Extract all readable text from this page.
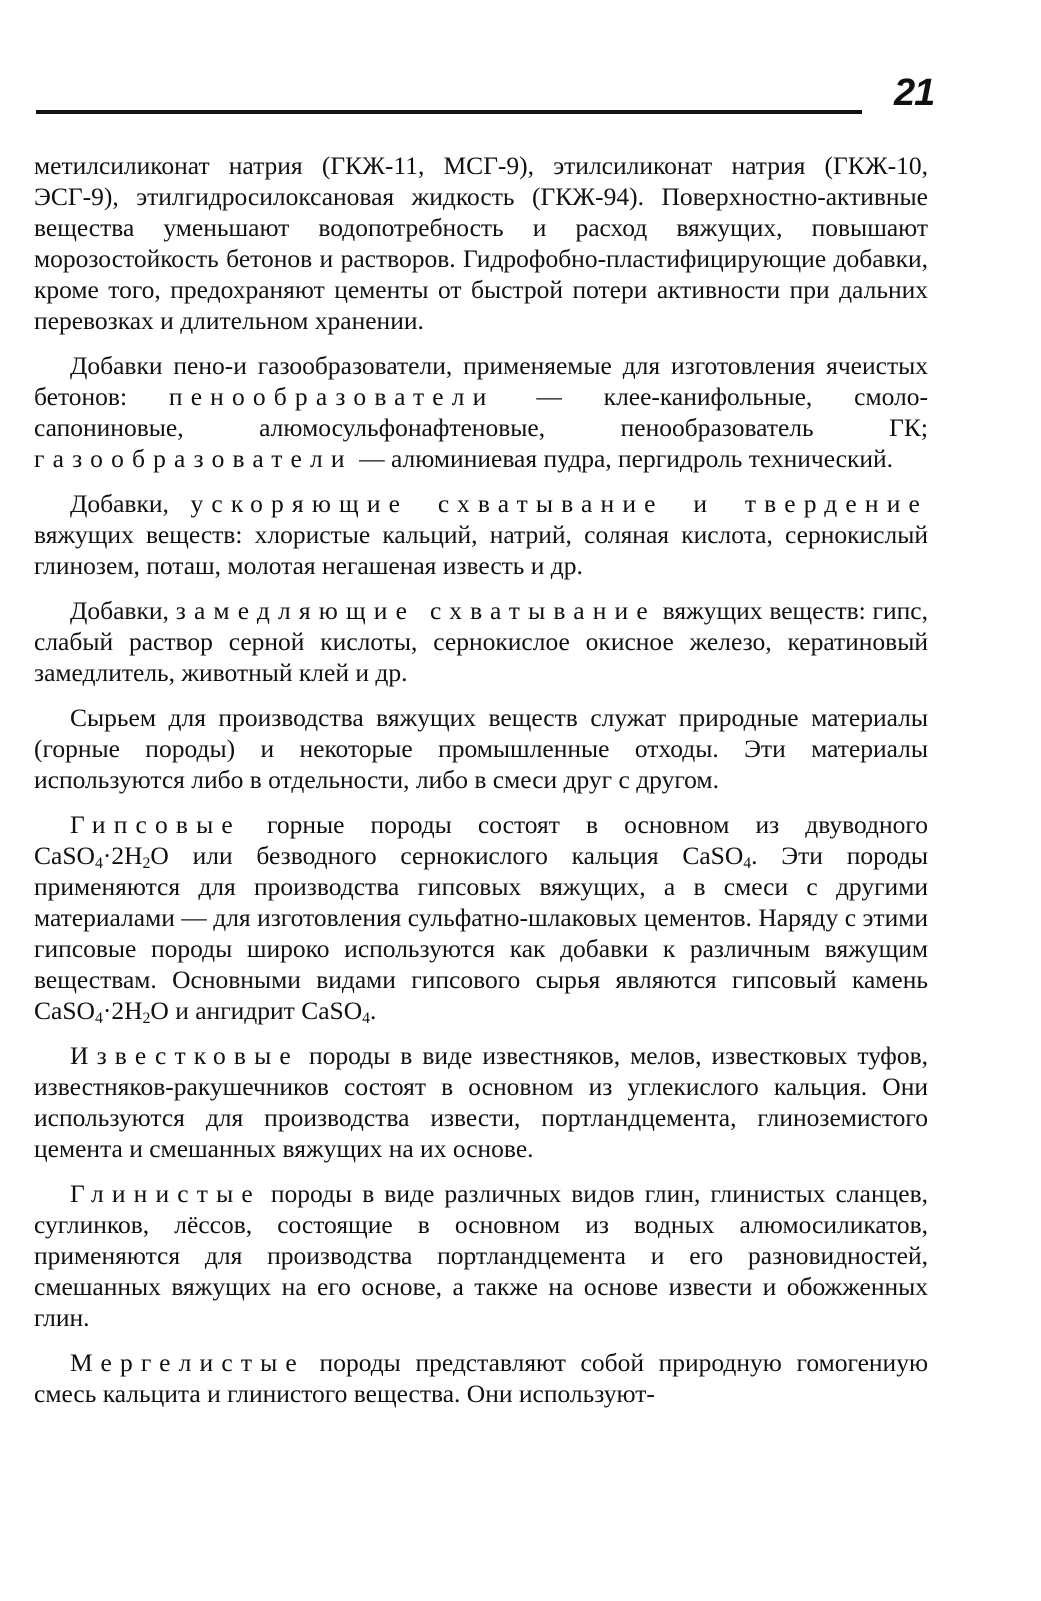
21

метилсиликонат натрия (ГКЖ-11, МСГ-9), этилсиликонат натрия (ГКЖ-10, ЭСГ-9), этилгидросилоксановая жидкость (ГКЖ-94). Поверхностно-активные вещества уменьшают водопотребность и расход вяжущих, повышают морозостойкость бетонов и растворов. Гидрофобно-пластифицирующие добавки, кроме того, предохраняют цементы от быстрой потери активности при дальних перевозках и длительном хранении.

Добавки пено-и газообразователи, применяемые для изготовления ячеистых бетонов: пенообразователи — клее-канифольные, смоло-сапониновые, алюмосульфонафтеновые, пенообразователь ГК; газообразователи — алюминиевая пудра, пергидроль технический.

Добавки, ускоряющие схватывание и твердение вяжущих веществ: хлористые кальций, натрий, соляная кислота, сернокислый глинозем, поташ, молотая негашеная известь и др.

Добавки, замедляющие схватывание вяжущих веществ: гипс, слабый раствор серной кислоты, сернокислое окисное железо, кератиновый замедлитель, животный клей и др.

Сырьем для производства вяжущих веществ служат природные материалы (горные породы) и некоторые промышленные отходы. Эти материалы используются либо в отдельности, либо в смеси друг с другом.

Гипсовые горные породы состоят в основном из двуводного $CaSO_4\cdot 2H_2O$ или безводного сернокислого кальция CaSO$_4$. Эти породы применяются для производства гипсовых вяжущих, а в смеси с другими материалами — для изготовления сульфатно-шлаковых цементов. Наряду с этими гипсовые породы широко используются как добавки к различным вяжущим веществам. Основными видами гипсового сырья являются гипсовый камень $CaSO_4\cdot 2H_2O$ и ангидрит CaSO$_4$.

Известковые породы в виде известняков, мелов, известковых туфов, известняков-ракушечников состоят в основном из углекислого кальция. Они используются для производства извести, портландцемента, глиноземистого цемента и смешанных вяжущих на их основе.

Глинистые породы в виде различных видов глин, глинистых сланцев, суглинков, лёссов, состоящие в основном из водных алюмосиликатов, применяются для производства портландцемента и его разновидностей, смешанных вяжущих на его основе, а также на основе извести и обожженных глин.

Мергелистые породы представляют собой природную гомогениую смесь кальцита и глинистого вещества. Они используют-
